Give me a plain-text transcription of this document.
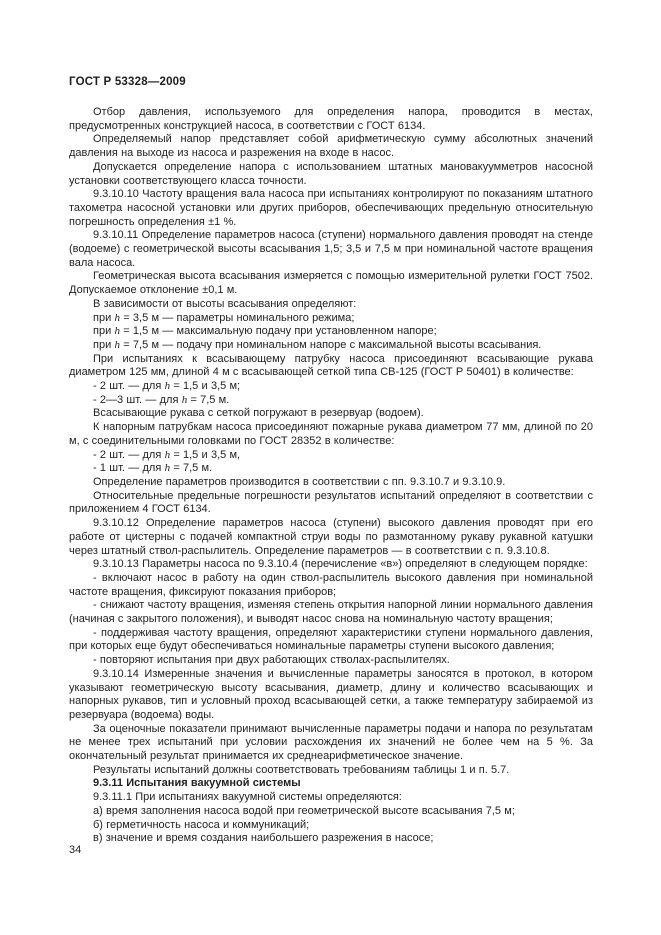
ГОСТ Р 53328—2009

Отбор давления, используемого для определения напора, проводится в местах, предусмотренных конструкцией насоса, в соответствии с ГОСТ 6134.

Определяемый напор представляет собой арифметическую сумму абсолютных значений давления на выходе из насоса и разрежения на входе в насос.

Допускается определение напора с использованием штатных мановакуумметров насосной установки соответствующего класса точности.

9.3.10.10 Частоту вращения вала насоса при испытаниях контролируют по показаниям штатного тахометра насосной установки или других приборов, обеспечивающих предельную относительную погрешность определения ±1 %.

9.3.10.11 Определение параметров насоса (ступени) нормального давления проводят на стенде (водоеме) с геометрической высоты всасывания 1,5; 3,5 и 7,5 м при номинальной частоте вращения вала насоса.

Геометрическая высота всасывания измеряется с помощью измерительной рулетки ГОСТ 7502. Допускаемое отклонение ±0,1 м.

В зависимости от высоты всасывания определяют:

при h = 3,5 м — параметры номинального режима;

при h = 1,5 м — максимальную подачу при установленном напоре;

при h = 7,5 м — подачу при номинальном напоре с максимальной высоты всасывания.

При испытаниях к всасывающему патрубку насоса присоединяют всасывающие рукава диаметром 125 мм, длиной 4 м с всасывающей сеткой типа СВ-125 (ГОСТ Р 50401) в количестве:

- 2 шт. — для h = 1,5 и 3,5 м;

- 2—3 шт. — для h = 7,5 м.

Всасывающие рукава с сеткой погружают в резервуар (водоем).

К напорным патрубкам насоса присоединяют пожарные рукава диаметром 77 мм, длиной по 20 м, с соединительными головками по ГОСТ 28352 в количестве:

- 2 шт. — для h = 1,5 и 3,5 м,

- 1 шт. — для h = 7,5 м.

Определение параметров производится в соответствии с пп. 9.3.10.7 и 9.3.10.9.

Относительные предельные погрешности результатов испытаний определяют в соответствии с приложением 4 ГОСТ 6134.

9.3.10.12 Определение параметров насоса (ступени) высокого давления проводят при его работе от цистерны с подачей компактной струи воды по размотанному рукаву рукавной катушки через штатный ствол-распылитель. Определение параметров — в соответствии с п. 9.3.10.8.

9.3.10.13 Параметры насоса по 9.3.10.4 (перечисление «в») определяют в следующем порядке:

- включают насос в работу на один ствол-распылитель высокого давления при номинальной частоте вращения, фиксируют показания приборов;

- снижают частоту вращения, изменяя степень открытия напорной линии нормального давления (начиная с закрытого положения), и выводят насос снова на номинальную частоту вращения;

- поддерживая частоту вращения, определяют характеристики ступени нормального давления, при которых еще будут обеспечиваться номинальные параметры ступени высокого давления;

- повторяют испытания при двух работающих стволах-распылителях.

9.3.10.14 Измеренные значения и вычисленные параметры заносятся в протокол, в котором указывают геометрическую высоту всасывания, диаметр, длину и количество всасывающих и напорных рукавов, тип и условный проход всасывающей сетки, а также температуру забираемой из резервуара (водоема) воды.

За оценочные показатели принимают вычисленные параметры подачи и напора по результатам не менее трех испытаний при условии расхождения их значений не более чем на 5 %. За окончательный результат принимается их среднеарифметическое значение.

Результаты испытаний должны соответствовать требованиям таблицы 1 и п. 5.7.

9.3.11 Испытания вакуумной системы

9.3.11.1 При испытаниях вакуумной системы определяются:

а) время заполнения насоса водой при геометрической высоте всасывания 7,5 м;

б) герметичность насоса и коммуникаций;

в) значение и время создания наибольшего разрежения в насосе;

34
